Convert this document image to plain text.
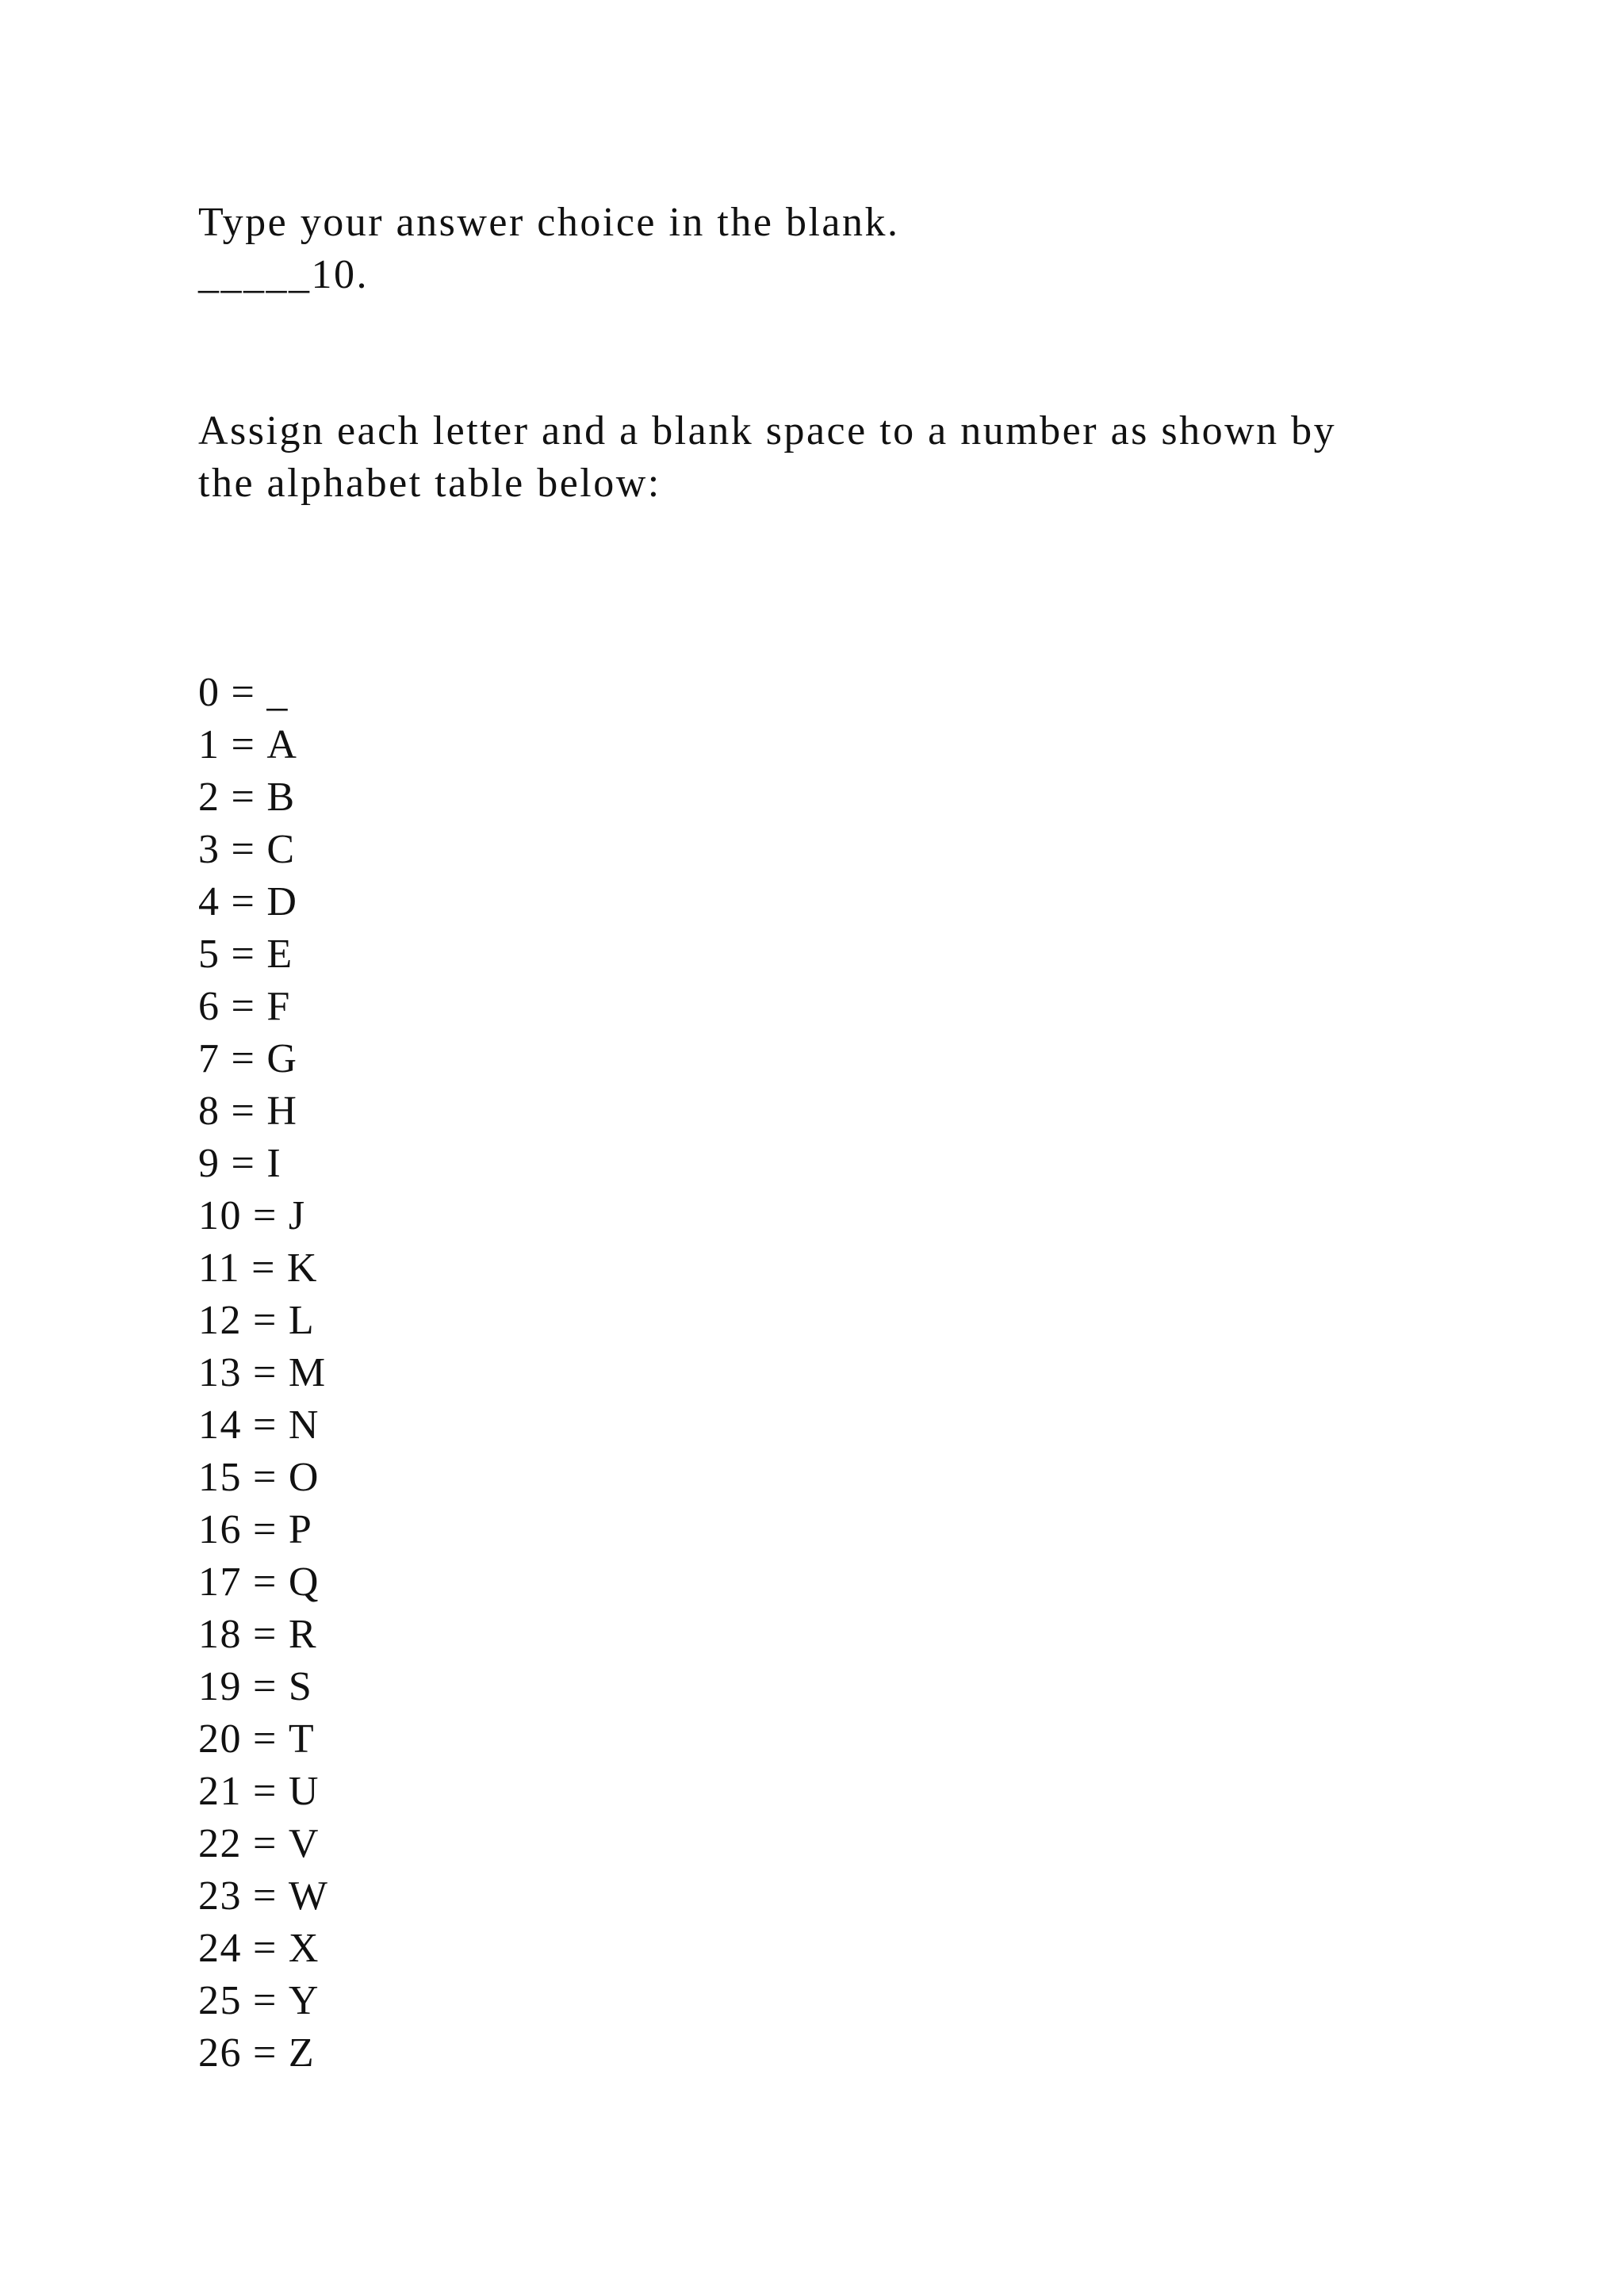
Type your answer choice in the blank.

_____10.

Assign each letter and a blank space to a number as shown by

the alphabet table below:

0 = _

1 = A

2 = B

3 = C

4 = D

5 = E

6 = F

7 = G

8 = H

9 = I

10 = J

11 = K

12 = L

13 = M

14 = N

15 = O

16 = P

17 = Q

18 = R

19 = S

20 = T

21 = U

22 = V

23 = W

24 = X

25 = Y

26 = Z
